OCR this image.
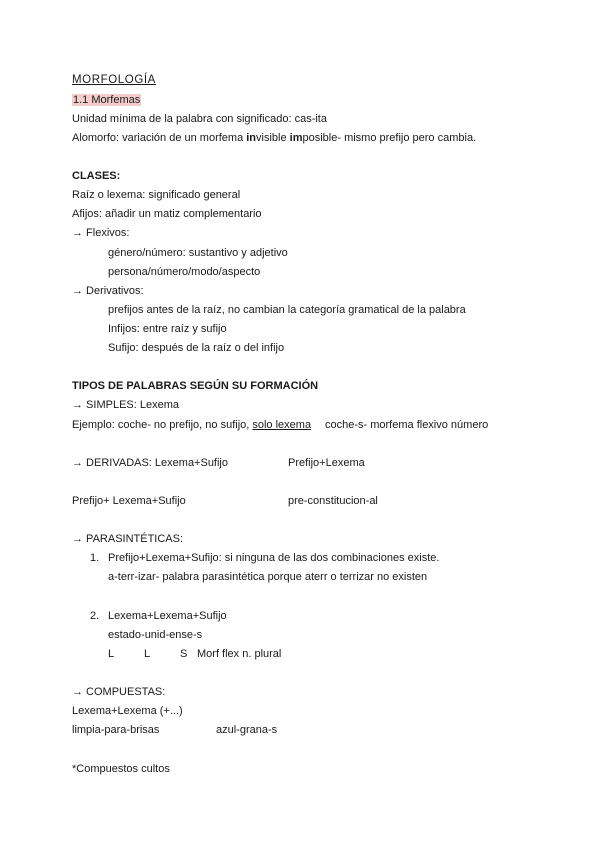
MORFOLOGÍA
1.1 Morfemas
Unidad mínima de la palabra con significado: cas-ita
Alomorfo: variación de un morfema invisible imposible- mismo prefijo pero cambia.
CLASES:
Raíz o lexema: significado general
Afijos: añadir un matiz complementario
→ Flexivos:
género/número: sustantivo y adjetivo
persona/número/modo/aspecto
→ Derivativos:
prefijos antes de la raíz, no cambian la categoría gramatical de la palabra
Infijos: entre raíz y sufijo
Sufijo: después de la raíz o del infijo
TIPOS DE PALABRAS SEGÚN SU FORMACIÓN
→ SIMPLES: Lexema
Ejemplo: coche- no prefijo, no sufijo, solo lexema coche-s- morfema flexivo número
→ DERIVADAS: Lexema+Sufijo	Prefijo+Lexema
Prefijo+ Lexema+Sufijo	pre-constitucion-al
→ PARASINTÉTICAS:
1. Prefijo+Lexema+Sufijo: si ninguna de las dos combinaciones existe.
a-terr-izar- palabra parasintética porque aterr o terrizar no existen
2. Lexema+Lexema+Sufijo
estado-unid-ense-s
L	L	S Morf flex n. plural
→ COMPUESTAS:
Lexema+Lexema (+...)
limpia-para-brisas	azul-grana-s
*Compuestos cultos
